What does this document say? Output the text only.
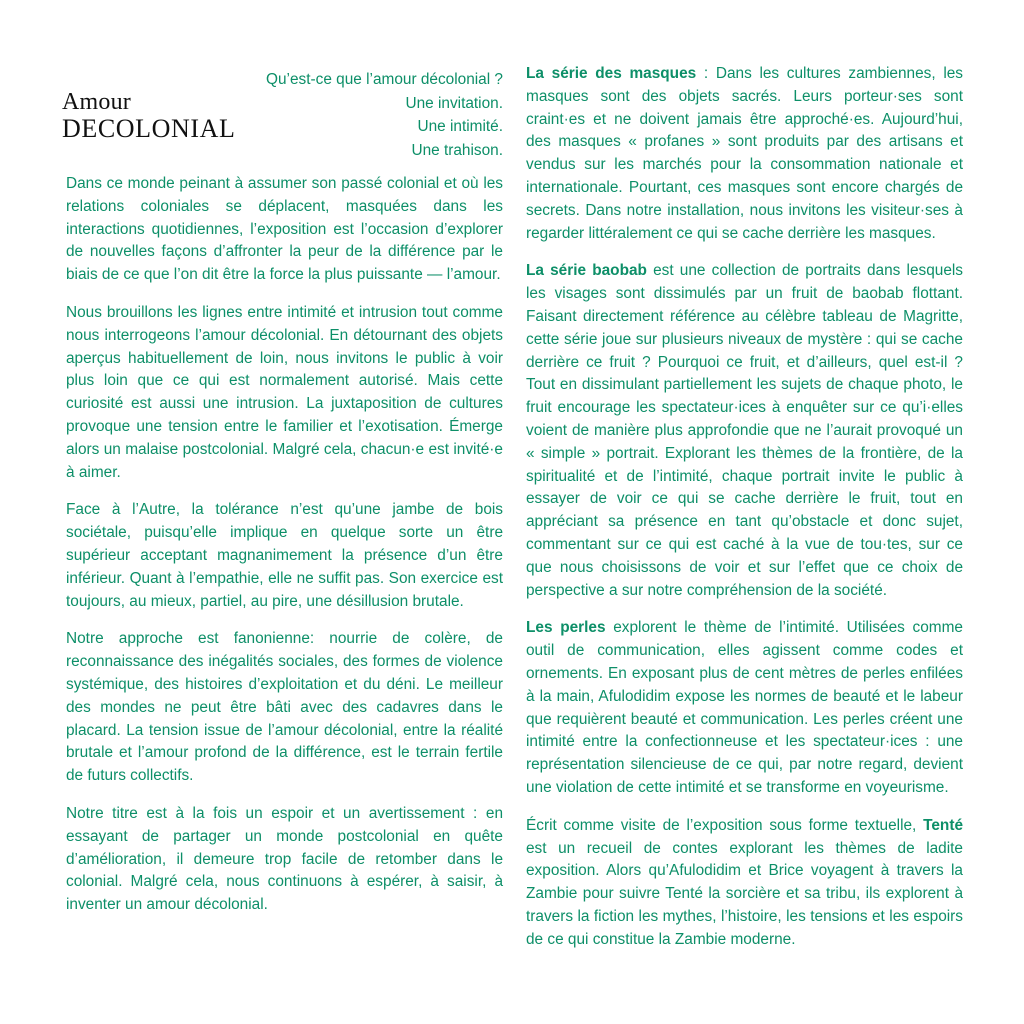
Amour
DECOLONIAL
Qu’est-ce que l’amour décolonial ?
Une invitation.
Une intimité.
Une trahison.

Dans ce monde peinant à assumer son passé colonial et où les relations coloniales se déplacent, masquées dans les interactions quotidiennes, l’exposition est l’occasion d’explorer de nouvelles façons d’affronter la peur de la différence par le biais de ce que l’on dit être la force la plus puissante — l’amour.

Nous brouillons les lignes entre intimité et intrusion tout comme nous interrogeons l’amour décolonial. En détournant des objets aperçus habituellement de loin, nous invitons le public à voir plus loin que ce qui est normalement autorisé. Mais cette curiosité est aussi une intrusion. La juxtaposition de cultures provoque une tension entre le familier et l’exotisation. Émerge alors un malaise postcolonial. Malgré cela, chacun·e est invité·e à aimer.

Face à l’Autre, la tolérance n’est qu’une jambe de bois sociétale, puisqu’elle implique en quelque sorte un être supérieur acceptant magnanimement la présence d’un être inférieur. Quant à l’empathie, elle ne suffit pas. Son exercice est toujours, au mieux, partiel, au pire, une désillusion brutale.

Notre approche est fanonienne: nourrie de colère, de reconnaissance des inégalités sociales, des formes de violence systémique, des histoires d’exploitation et du déni. Le meilleur des mondes ne peut être bâti avec des cadavres dans le placard. La tension issue de l’amour décolonial, entre la réalité brutale et l’amour profond de la différence, est le terrain fertile de futurs collectifs.

Notre titre est à la fois un espoir et un avertissement : en essayant de partager un monde postcolonial en quête d’amélioration, il demeure trop facile de retomber dans le colonial. Malgré cela, nous continuons à espérer, à saisir, à inventer un amour décolonial.

La série des masques : Dans les cultures zambiennes, les masques sont des objets sacrés. Leurs porteur·ses sont craint·es et ne doivent jamais être approché·es. Aujourd’hui, des masques « profanes » sont produits par des artisans et vendus sur les marchés pour la consommation nationale et internationale. Pourtant, ces masques sont encore chargés de secrets. Dans notre installation, nous invitons les visiteur·ses à regarder littéralement ce qui se cache derrière les masques.

La série baobab est une collection de portraits dans lesquels les visages sont dissimulés par un fruit de baobab flottant. Faisant directement référence au célèbre tableau de Magritte, cette série joue sur plusieurs niveaux de mystère : qui se cache derrière ce fruit ? Pourquoi ce fruit, et d’ailleurs, quel est-il ? Tout en dissimulant partiellement les sujets de chaque photo, le fruit encourage les spectateur·ices à enquêter sur ce qu’i·elles voient de manière plus approfondie que ne l’aurait provoqué un « simple » portrait. Explorant les thèmes de la frontière, de la spiritualité et de l’intimité, chaque portrait invite le public à essayer de voir ce qui se cache derrière le fruit, tout en appréciant sa présence en tant qu’obstacle et donc sujet, commentant sur ce qui est caché à la vue de tou·tes, sur ce que nous choisissons de voir et sur l’effet que ce choix de perspective a sur notre compréhension de la société.

Les perles explorent le thème de l’intimité. Utilisées comme outil de communication, elles agissent comme codes et ornements. En exposant plus de cent mètres de perles enfilées à la main, Afulodidim expose les normes de beauté et le labeur que requièrent beauté et communication. Les perles créent une intimité entre la confectionneuse et les spectateur·ices : une représentation silencieuse de ce qui, par notre regard, devient une violation de cette intimité et se transforme en voyeurisme.

Écrit comme visite de l’exposition sous forme textuelle, Tenté est un recueil de contes explorant les thèmes de ladite exposition. Alors qu’Afulodidim et Brice voyagent à travers la Zambie pour suivre Tenté la sorcière et sa tribu, ils explorent à travers la fiction les mythes, l’histoire, les tensions et les espoirs de ce qui constitue la Zambie moderne.
